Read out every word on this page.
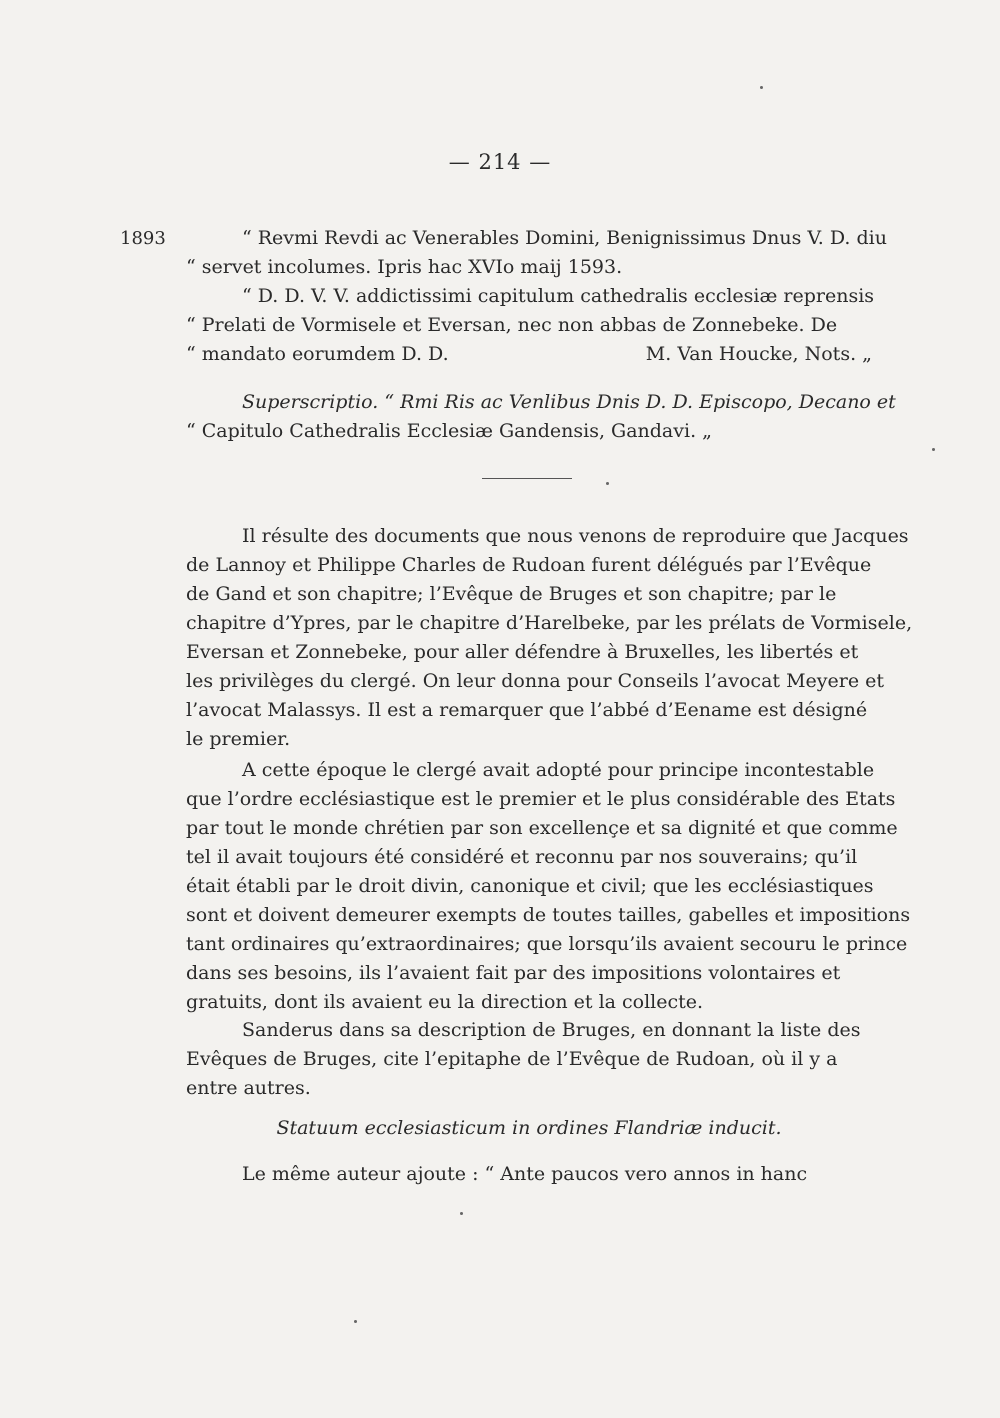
— 214 —
1893	“ Revmi Revdi ac Venerables Domini, Benignissimus Dnus V. D. diu
“ servet incolumes. Ipris hac XVIo maij 1593.
“ D. D. V. V. addictissimi capitulum cathedralis ecclesiæ reprensis
“ Prelati de Vormisele et Eversan, nec non abbas de Zonnebeke. De
“ mandato eorumdem D. D.	M. Van Houcke, Nots. „
Superscriptio. “ Rmi Ris ac Venlibus Dnis D. D. Episcopo, Decano et
“ Capitulo Cathedralis Ecclesiæ Gandensis, Gandavi. „
Il résulte des documents que nous venons de reproduire que Jacques
de Lannoy et Philippe Charles de Rudoan furent délégués par l’Evêque
de Gand et son chapitre; l’Evêque de Bruges et son chapitre; par le
chapitre d’Ypres, par le chapitre d’Harelbeke, par les prélats de Vormisele,
Eversan et Zonnebeke, pour aller défendre à Bruxelles, les libertés et
les privilèges du clergé. On leur donna pour Conseils l’avocat Meyere et
l’avocat Malassys. Il est a remarquer que l’abbé d’Eename est désigné
le premier.
A cette époque le clergé avait adopté pour principe incontestable
que l’ordre ecclésiastique est le premier et le plus considérable des Etats
par tout le monde chrétien par son excellençe et sa dignité et que comme
tel il avait toujours été considéré et reconnu par nos souverains; qu’il
était établi par le droit divin, canonique et civil; que les ecclésiastiques
sont et doivent demeurer exempts de toutes tailles, gabelles et impositions
tant ordinaires qu’extraordinaires; que lorsqu’ils avaient secouru le prince
dans ses besoins, ils l’avaient fait par des impositions volontaires et
gratuits, dont ils avaient eu la direction et la collecte.
Sanderus dans sa description de Bruges, en donnant la liste des
Evêques de Bruges, cite l’epitaphe de l’Evêque de Rudoan, où il y a
entre autres.
Statuum ecclesiasticum in ordines Flandriæ inducit.
Le même auteur ajoute : “ Ante paucos vero annos in hanc
